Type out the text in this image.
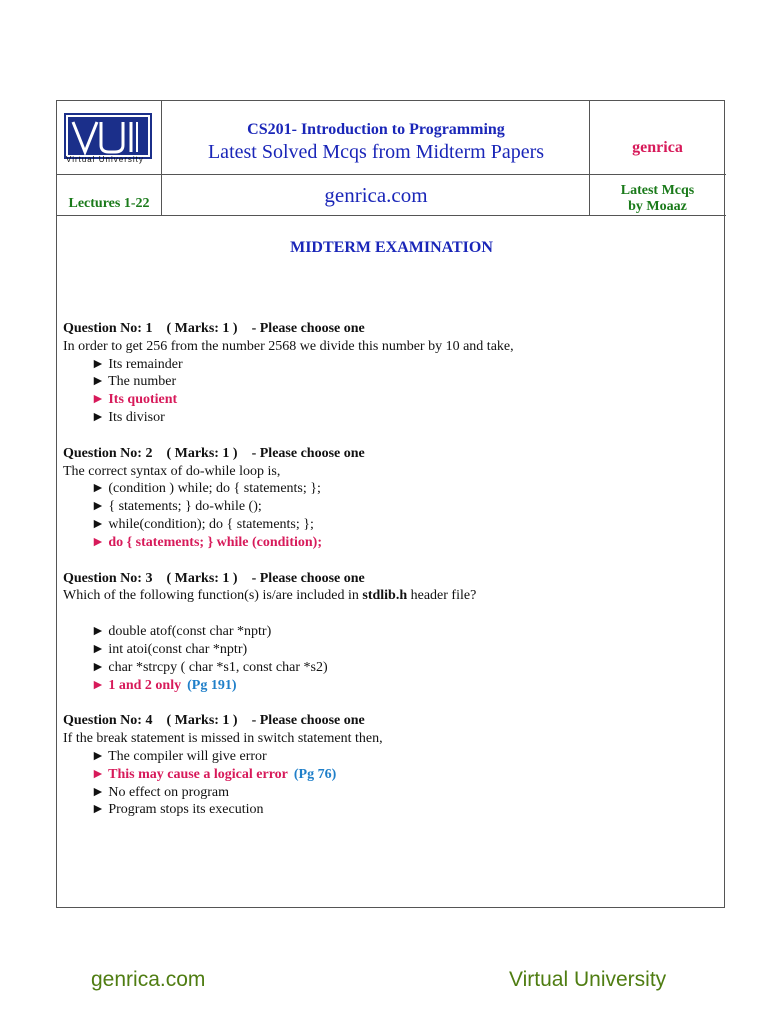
Virtual University
CS201- Introduction to Programming
Latest Solved Mcqs from Midterm Papers
genrica.com
genrica
Latest Mcqs
by Moaaz
Lectures 1-22
MIDTERM EXAMINATION
Question No: 1    ( Marks: 1 )    - Please choose one
In order to get 256 from the number 2568 we divide this number by 10 and take,
► Its remainder
► The number
► Its quotient
► Its divisor
Question No: 2    ( Marks: 1 )    - Please choose one
The correct syntax of do-while loop is,
► (condition ) while; do { statements; };
► { statements; } do-while ();
► while(condition); do { statements; };
► do { statements; } while (condition);
Question No: 3    ( Marks: 1 )    - Please choose one
Which of the following function(s) is/are included in stdlib.h header file?
► double atof(const char *nptr)
► int atoi(const char *nptr)
► char *strcpy ( char *s1, const char *s2)
► 1 and 2 only (Pg 191)
Question No: 4    ( Marks: 1 )    - Please choose one
If the break statement is missed in switch statement then,
► The compiler will give error
► This may cause a logical error (Pg 76)
► No effect on program
► Program stops its execution
genrica.com	Virtual University
